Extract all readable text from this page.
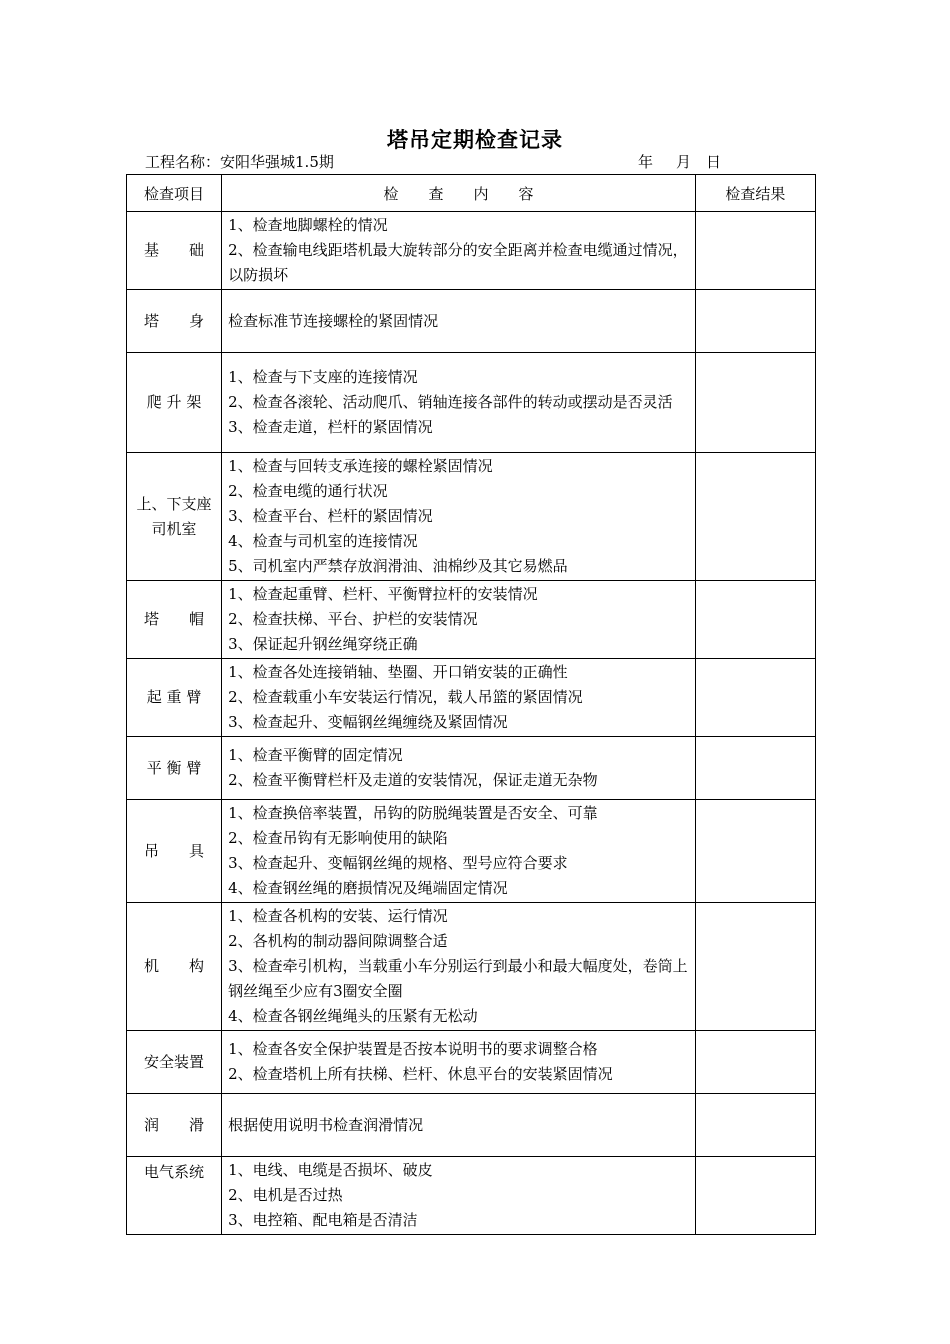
塔吊定期检查记录
工程名称：安阳华强城1.5期	年 月 日
检查项目	检　　查　　内　　容	检查结果

基　　础	1、检查地脚螺栓的情况
2、检查输电线距塔机最大旋转部分的安全距离并检查电缆通过情况，以防损坏	

塔　　身	检查标准节连接螺栓的紧固情况	

爬 升 架	1、检查与下支座的连接情况
2、检查各滚轮、活动爬爪、销轴连接各部件的转动或摆动是否灵活
3、检查走道，栏杆的紧固情况	

上、下支座
司机室	1、检查与回转支承连接的螺栓紧固情况
2、检查电缆的通行状况
3、检查平台、栏杆的紧固情况
4、检查与司机室的连接情况
5、司机室内严禁存放润滑油、油棉纱及其它易燃品	

塔　　帽	1、检查起重臂、栏杆、平衡臂拉杆的安装情况
2、检查扶梯、平台、护栏的安装情况
3、保证起升钢丝绳穿绕正确	

起 重 臂	1、检查各处连接销轴、垫圈、开口销安装的正确性
2、检查载重小车安装运行情况，载人吊篮的紧固情况
3、检查起升、变幅钢丝绳缠绕及紧固情况	

平 衡 臂	1、检查平衡臂的固定情况
2、检查平衡臂栏杆及走道的安装情况，保证走道无杂物	

吊　　具	1、检查换倍率装置，吊钩的防脱绳装置是否安全、可靠
2、检查吊钩有无影响使用的缺陷
3、检查起升、变幅钢丝绳的规格、型号应符合要求
4、检查钢丝绳的磨损情况及绳端固定情况	

机　　构	1、检查各机构的安装、运行情况
2、各机构的制动器间隙调整合适
3、检查牵引机构，当载重小车分别运行到最小和最大幅度处，卷筒上钢丝绳至少应有3圈安全圈
4、检查各钢丝绳绳头的压紧有无松动	

安全装置	1、检查各安全保护装置是否按本说明书的要求调整合格
2、检查塔机上所有扶梯、栏杆、休息平台的安装紧固情况	

润　　滑	根据使用说明书检查润滑情况	

电气系统	1、电线、电缆是否损坏、破皮
2、电机是否过热
3、电控箱、配电箱是否清洁	
